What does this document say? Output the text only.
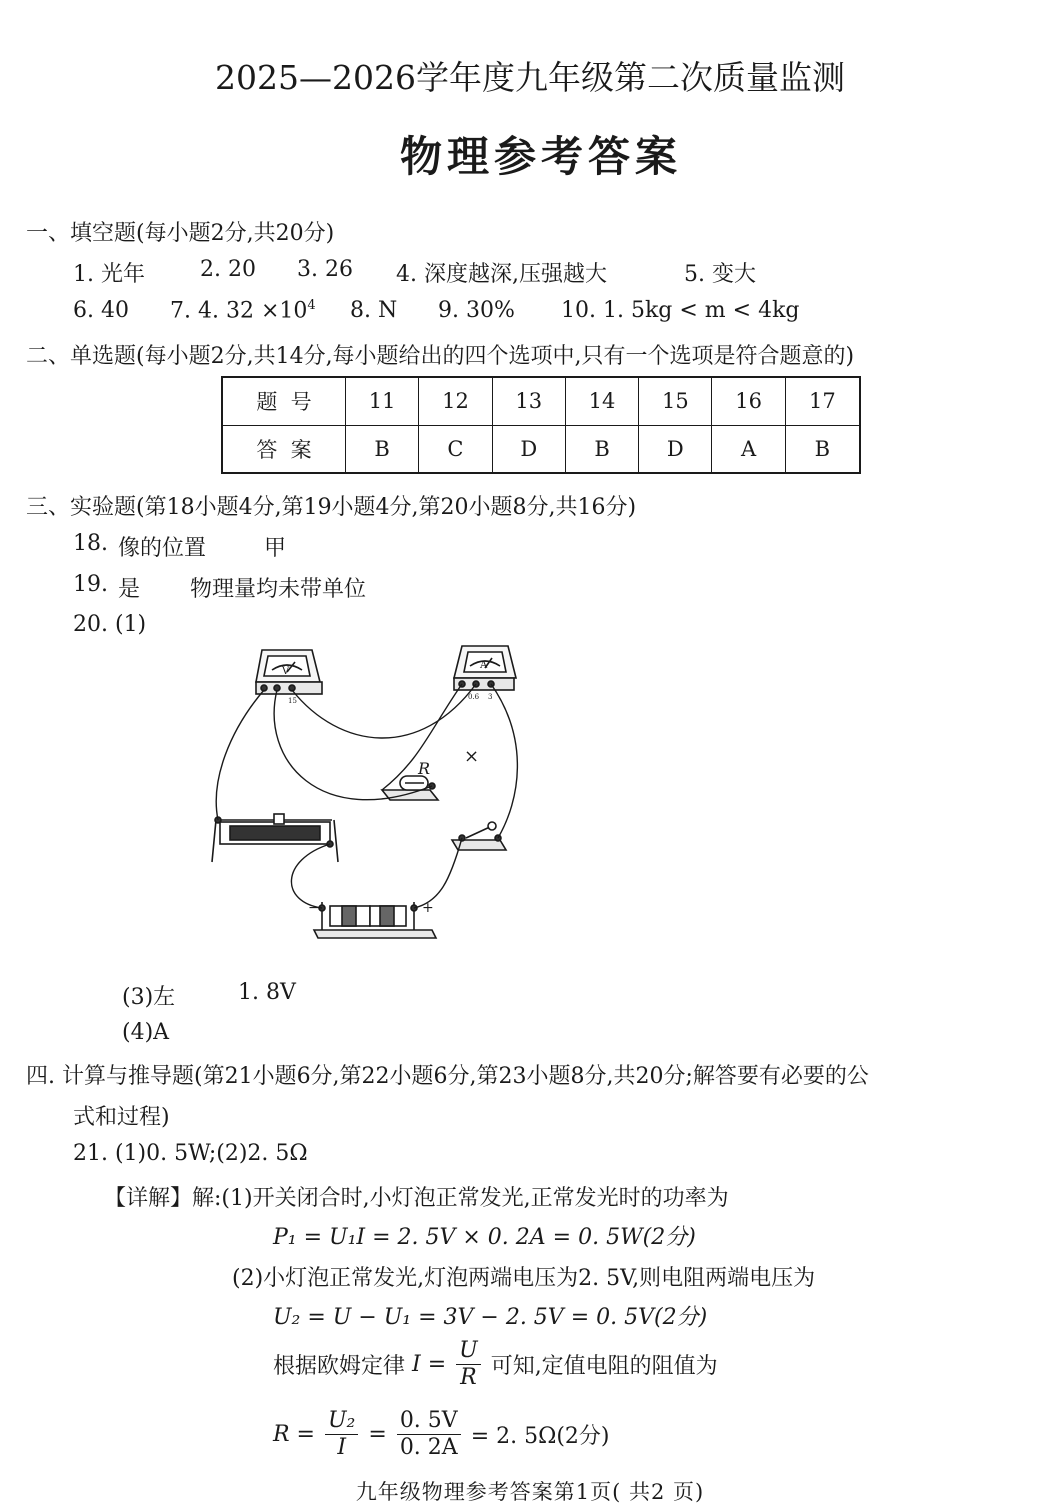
2025—2026学年度九年级第二次质量监测
物理参考答案
一、填空题(每小题2分,共20分)
1. 光年	2. 20 3. 26 4. 深度越深,压强越大	5. 变大
6. 40 7. 4. $32 \times 10^4$ 8. N 9. 30% 10. 1. 5kg < m < 4kg
二、单选题(每小题2分,共14分,每小题给出的四个选项中,只有一个选项是符合题意的)
题  号	11	12	13	14	15	16	17
答  案	B	C	D	B	D	A	B
三、实验题(第18小题4分,第19小题4分,第20小题8分,共16分)
18. 像的位置	甲
19. 是 物理量均未带单位
20. (1)
V
A
15	0.6 3
R
−	+
×
(3)左	1. 8V
(4)A
四. 计算与推导题(第21小题6分,第22小题6分,第23小题8分,共20分;解答要有必要的公
式和过程)
21. (1)0. 5W;(2)2. 5Ω
【详解】解:(1)开关闭合时,小灯泡正常发光,正常发光时的功率为
P₁ = U₁I = 2. 5V × 0. 2A = 0. 5W(2分)
(2)小灯泡正常发光,灯泡两端电压为2. 5V,则电阻两端电压为
U₂ = U − U₁ = 3V − 2. 5V = 0. 5V(2分)
根据欧姆定律 $I = \frac{U}{R}$ 可知,定值电阻的阻值为
$R = \frac{\text{U₂}}{I} = \frac{0. 5V}{0. 2A} = 2$. 5Ω(2分)
九年级物理参考答案第1页( 共2 页)
